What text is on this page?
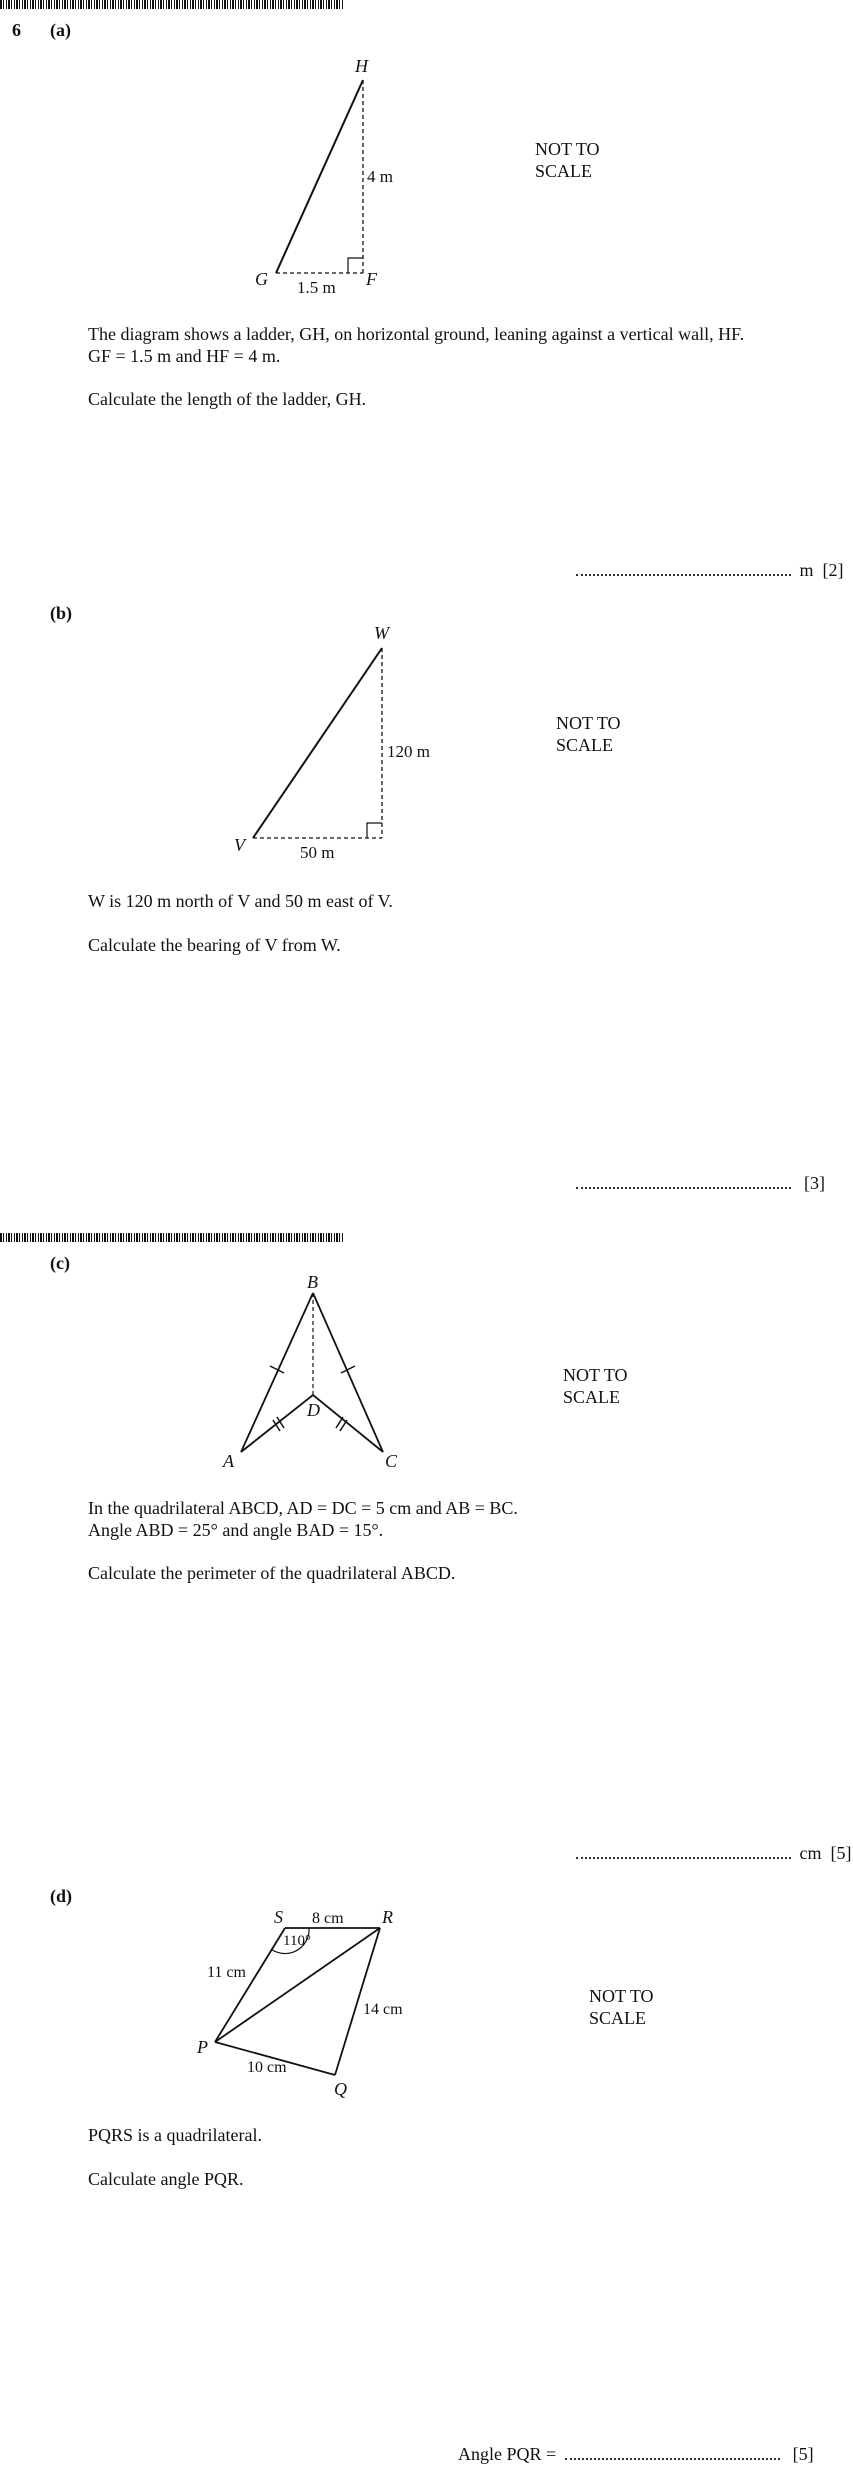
6 (a)
H
G	F
4 m
1.5 m
NOT TO
SCALE
The diagram shows a ladder, GH, on horizontal ground, leaning against a vertical wall, HF.
GF = 1.5 m and HF = 4 m.
Calculate the length of the ladder, GH.
m [2]
(b)
W
V
120 m
50 m
NOT TO
SCALE
W is 120 m north of V and 50 m east of V.
Calculate the bearing of V from W.
[3]
(c)
B
A	C
D
NOT TO
SCALE
In the quadrilateral ABCD, AD = DC = 5 cm and AB = BC.
Angle ABD = 25° and angle BAD = 15°.
Calculate the perimeter of the quadrilateral ABCD.
cm [5]
(d)
S	R
P
Q
8 cm
11 cm
14 cm
10 cm
110°
NOT TO
SCALE
PQRS is a quadrilateral.
Calculate angle PQR.
Angle PQR =	[5]
